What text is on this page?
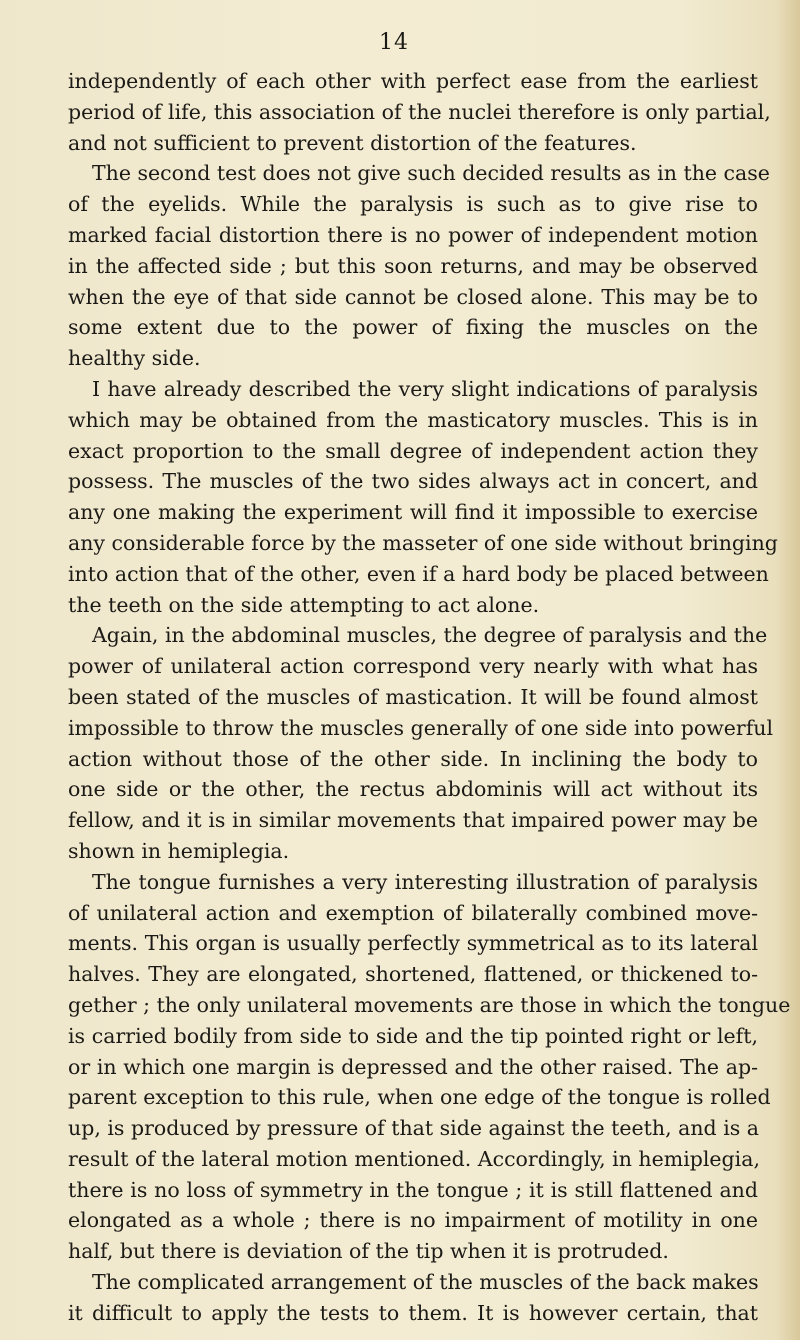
14
independently of each other with perfect ease from the earliest
period of life, this association of the nuclei therefore is only partial,
and not sufficient to prevent distortion of the features.
The second test does not give such decided results as in the case
of the eyelids. While the paralysis is such as to give rise to
marked facial distortion there is no power of independent motion
in the affected side ; but this soon returns, and may be observed
when the eye of that side cannot be closed alone. This may be to
some extent due to the power of fixing the muscles on the
healthy side.
I have already described the very slight indications of paralysis
which may be obtained from the masticatory muscles. This is in
exact proportion to the small degree of independent action they
possess. The muscles of the two sides always act in concert, and
any one making the experiment will find it impossible to exercise
any considerable force by the masseter of one side without bringing
into action that of the other, even if a hard body be placed between
the teeth on the side attempting to act alone.
Again, in the abdominal muscles, the degree of paralysis and the
power of unilateral action correspond very nearly with what has
been stated of the muscles of mastication. It will be found almost
impossible to throw the muscles generally of one side into powerful
action without those of the other side. In inclining the body to
one side or the other, the rectus abdominis will act without its
fellow, and it is in similar movements that impaired power may be
shown in hemiplegia.
The tongue furnishes a very interesting illustration of paralysis
of unilateral action and exemption of bilaterally combined move-
ments. This organ is usually perfectly symmetrical as to its lateral
halves. They are elongated, shortened, flattened, or thickened to-
gether ; the only unilateral movements are those in which the tongue
is carried bodily from side to side and the tip pointed right or left,
or in which one margin is depressed and the other raised. The ap-
parent exception to this rule, when one edge of the tongue is rolled
up, is produced by pressure of that side against the teeth, and is a
result of the lateral motion mentioned. Accordingly, in hemiplegia,
there is no loss of symmetry in the tongue ; it is still flattened and
elongated as a whole ; there is no impairment of motility in one
half, but there is deviation of the tip when it is protruded.
The complicated arrangement of the muscles of the back makes
it difficult to apply the tests to them. It is however certain, that
